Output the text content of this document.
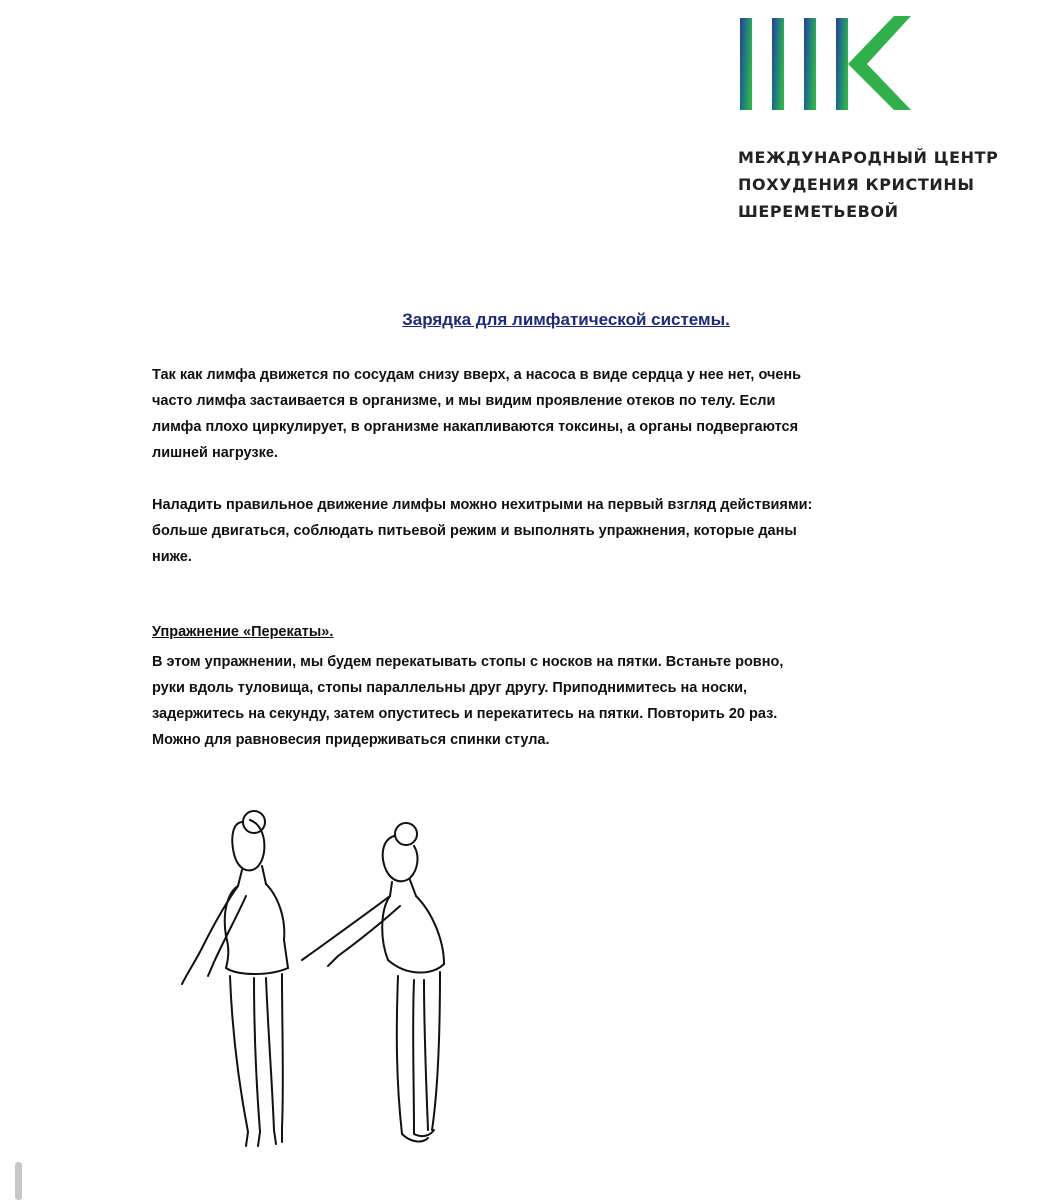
МЕЖДУНАРОДНЫЙ ЦЕНТР
ПОХУДЕНИЯ КРИСТИНЫ
ШЕРЕМЕТЬЕВОЙ
Зарядка для лимфатической системы.
Так как лимфа движется по сосудам снизу вверх, а насоса в виде сердца у нее нет, очень
часто лимфа застаивается в организме, и мы видим проявление отеков по телу. Если
лимфа плохо циркулирует, в организме накапливаются токсины, а органы подвергаются
лишней нагрузке.
Наладить правильное движение лимфы можно нехитрыми на первый взгляд действиями:
больше двигаться, соблюдать питьевой режим и выполнять упражнения, которые даны
ниже.
Упражнение «Перекаты».
В этом упражнении, мы будем перекатывать стопы с носков на пятки. Встаньте ровно,
руки вдоль туловища, стопы параллельны друг другу. Приподнимитесь на носки,
задержитесь на секунду, затем опуститесь и перекатитесь на пятки. Повторить 20 раз.
Можно для равновесия придерживаться спинки стула.
